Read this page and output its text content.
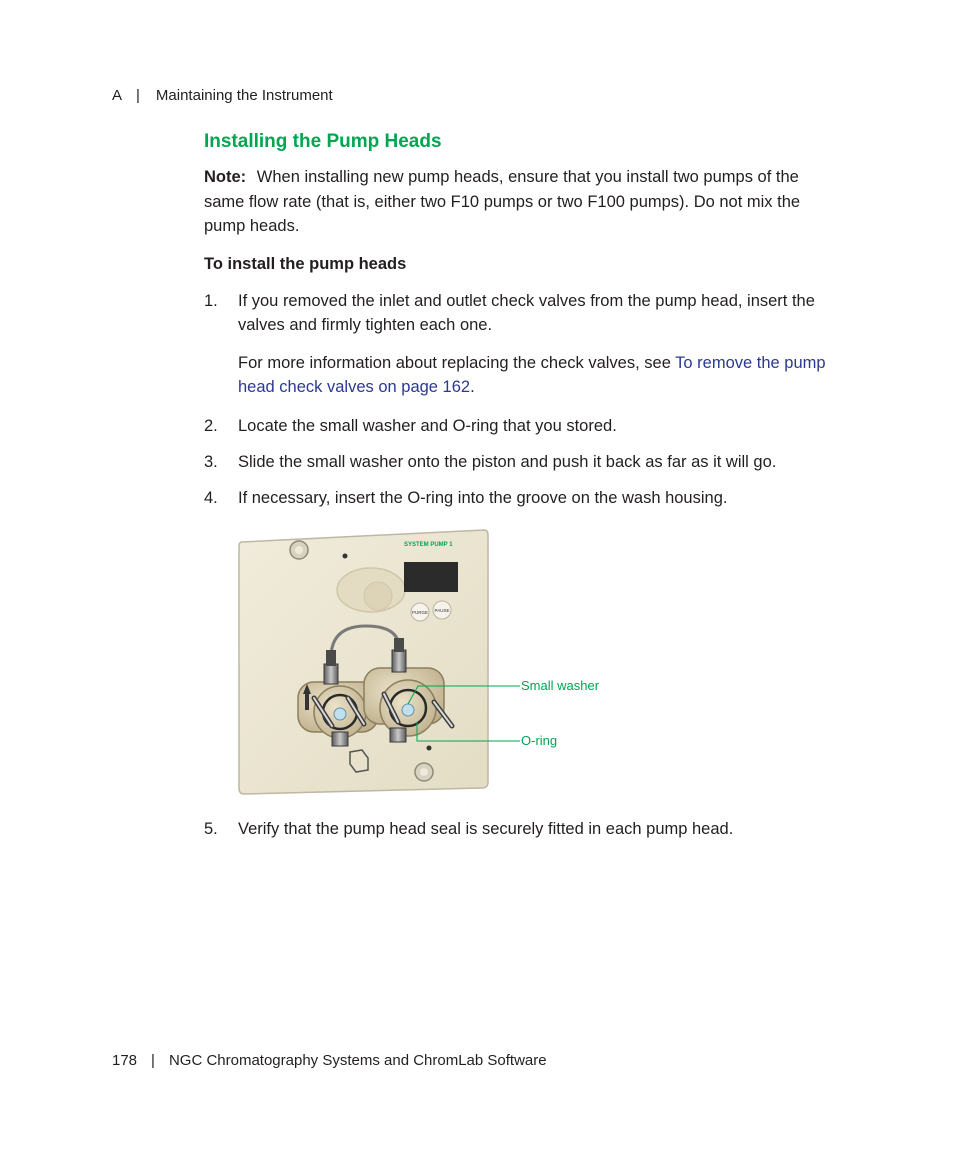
A | Maintaining the Instrument
Installing the Pump Heads
Note: When installing new pump heads, ensure that you install two pumps of the same flow rate (that is, either two F10 pumps or two F100 pumps). Do not mix the pump heads.
To install the pump heads
1. If you removed the inlet and outlet check valves from the pump head, insert the valves and firmly tighten each one.
For more information about replacing the check valves, see To remove the pump head check valves on page 162.
2. Locate the small washer and O-ring that you stored.
3. Slide the small washer onto the piston and push it back as far as it will go.
4. If necessary, insert the O-ring into the groove on the wash housing.
SYSTEM PUMP 1
PURGE PAUSE
Small washer
O-ring
5. Verify that the pump head seal is securely fitted in each pump head.
178 | NGC Chromatography Systems and ChromLab Software
